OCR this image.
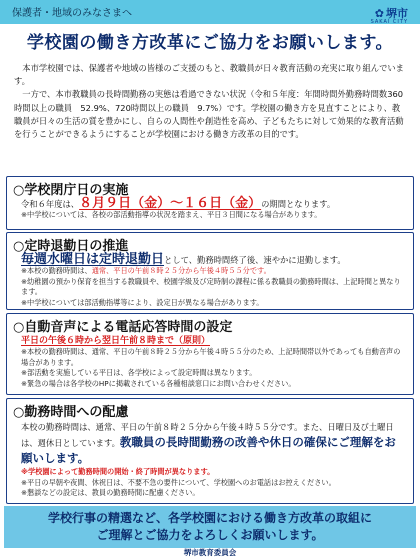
保護者・地域のみなさまへ	✿ 堺市
SAKAI CITY
学校園の働き方改革にご協力をお願いします。

本市学校園では、保護者や地域の皆様のご支援のもと、教職員が日々教育活動の充実に取り組んでいます。

一方で、本市教職員の長時間勤務の実態は看過できない状況（令和５年度：年間時間外勤務時間数360時間以上の職員　52.9%、720時間以上の職員　9.7%）です。学校園の働き方を見直すことにより、教職員が日々の生活の質を豊かにし、自らの人間性や創造性を高め、子どもたちに対して効果的な教育活動を行うことができるようにすることが学校園における働き方改革の目的です。

○学校閉庁日の実施

令和６年度は、８月９日（金）～１６日（金）の期間となります。

※中学校については、各校の部活動指導の状況を踏まえ、平日３日間になる場合があります。

○定時退勤日の推進

毎週水曜日は定時退勤日として、勤務時間終了後、速やかに退勤します。

※本校の勤務時間は、通常、平日の午前８時２５分から午後４時５５分です。

※幼稚園の預かり保育を担当する教職員や、校園学級及び定時制の課程に係る教職員の勤務時間は、上記時間と異なります。

※中学校については部活動指導等により、設定日が異なる場合があります。

○自動音声による電話応答時間の設定

平日の午後６時から翌日午前８時まで（原則）

※本校の勤務時間は、通常、平日の午前８時２５分から午後４時５５分のため、上記時間帯以外であっても自動音声の場合があります。

※部活動を実施している平日は、各学校によって設定時間は異なります。

※緊急の場合は各学校のHPに掲載されている各種相談窓口にお問い合わせください。

○勤務時間への配慮

本校の勤務時間は、通常、平日の午前８時２５分から午後４時５５分です。また、日曜日及び土曜日は、週休日としています。教職員の長時間勤務の改善や休日の確保にご理解をお願いします。

※学校園によって勤務時間の開始・終了時間が異なります。

※平日の早朝や夜間、休祝日は、不要不急の要件について、学校園へのお電話はお控えください。

※懇談などの設定は、教員の勤務時間に配慮ください。

学校行事の精選など、各学校園における働き方改革の取組に
ご理解とご協力をよろしくお願いします。
堺市教育委員会
